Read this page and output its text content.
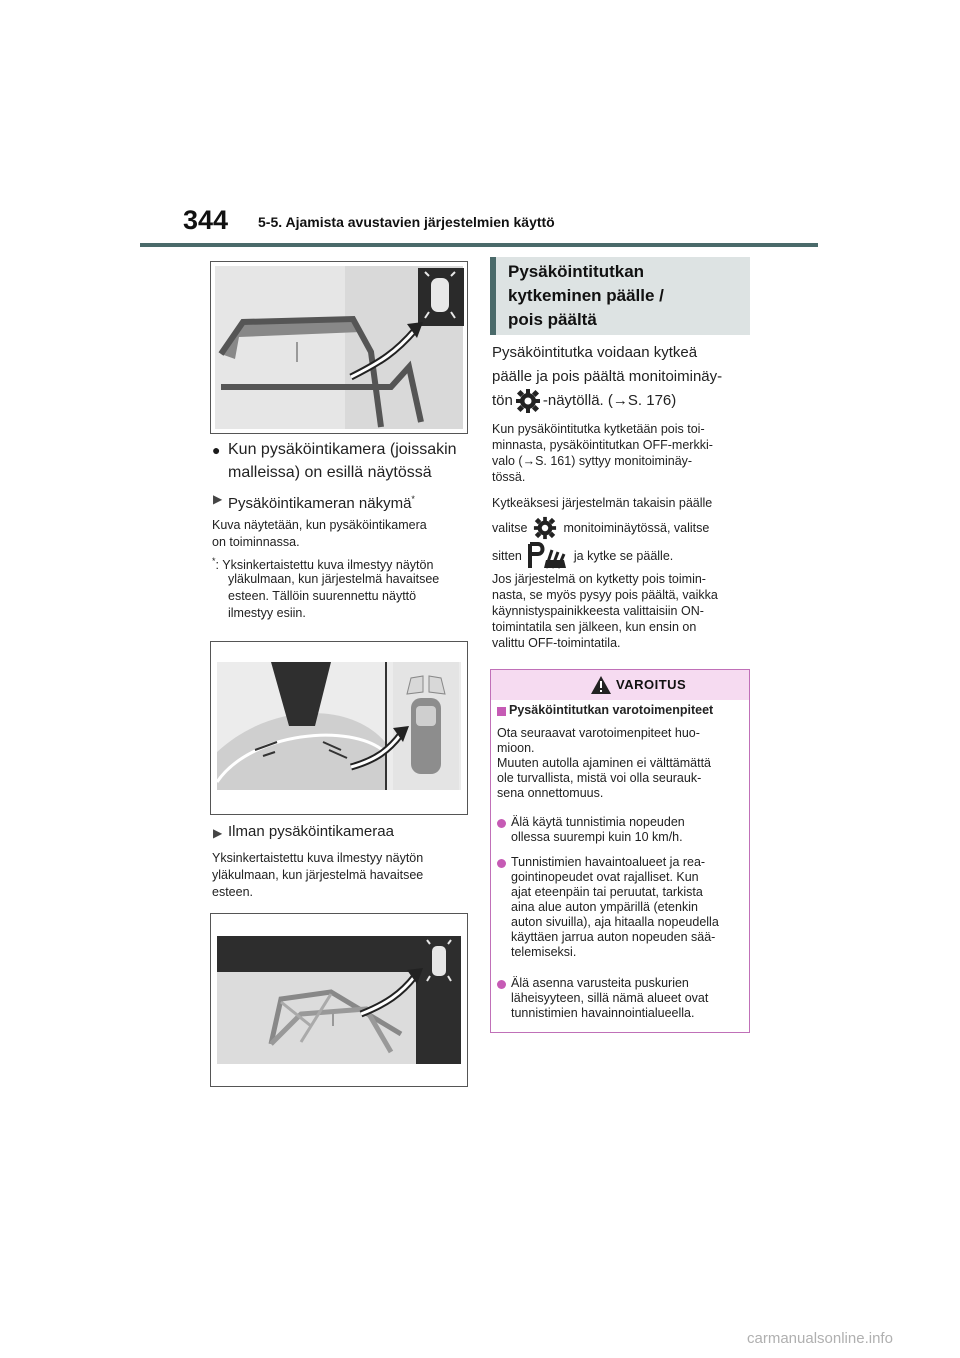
344 5-5. Ajamista avustavien järjestelmien käyttö
● Kun pysäköintikamera (joissakin
malleissa) on esillä näytössä
▶ Pysäköintikameran näkymä*
Kuva näytetään, kun pysäköintikamera
on toiminnassa.
*: Yksinkertaistettu kuva ilmestyy näytön
yläkulmaan, kun järjestelmä havaitsee
esteen. Tällöin suurennettu näyttö
ilmestyy esiin.
▶ Ilman pysäköintikameraa
Yksinkertaistettu kuva ilmestyy näytön
yläkulmaan, kun järjestelmä havaitsee
esteen.
Pysäköintitutkan
kytkeminen päälle /
pois päältä
Pysäköintitutka voidaan kytkeä
päälle ja pois päältä monitoiminäy-
tön -näytöllä. (→S. 176)
Kun pysäköintitutka kytketään pois toi-
minnasta, pysäköintitutkan OFF-merkki-
valo (→S. 161) syttyy monitoiminäy-
tössä.
Kytkeäksesi järjestelmän takaisin päälle
valitse	monitoiminäytössä, valitse
sitten	ja kytke se päälle.
Jos järjestelmä on kytketty pois toimin-
nasta, se myös pysyy pois päältä, vaikka
käynnistyspainikkeesta valittaisiin ON-
toimintatila sen jälkeen, kun ensin on
valittu OFF-toimintatila.
VAROITUS
Pysäköintitutkan varotoimenpiteet
Ota seuraavat varotoimenpiteet huo-
mioon.
Muuten autolla ajaminen ei välttämättä
ole turvallista, mistä voi olla seurauk-
sena onnettomuus.
Älä käytä tunnistimia nopeuden
ollessa suurempi kuin 10 km/h.
Tunnistimien havaintoalueet ja rea-
gointinopeudet ovat rajalliset. Kun
ajat eteenpäin tai peruutat, tarkista
aina alue auton ympärillä (etenkin
auton sivuilla), aja hitaalla nopeudella
käyttäen jarrua auton nopeuden sää-
telemiseksi.
Älä asenna varusteita puskurien
läheisyyteen, sillä nämä alueet ovat
tunnistimien havainnointialueella.
carmanualsonline.info
